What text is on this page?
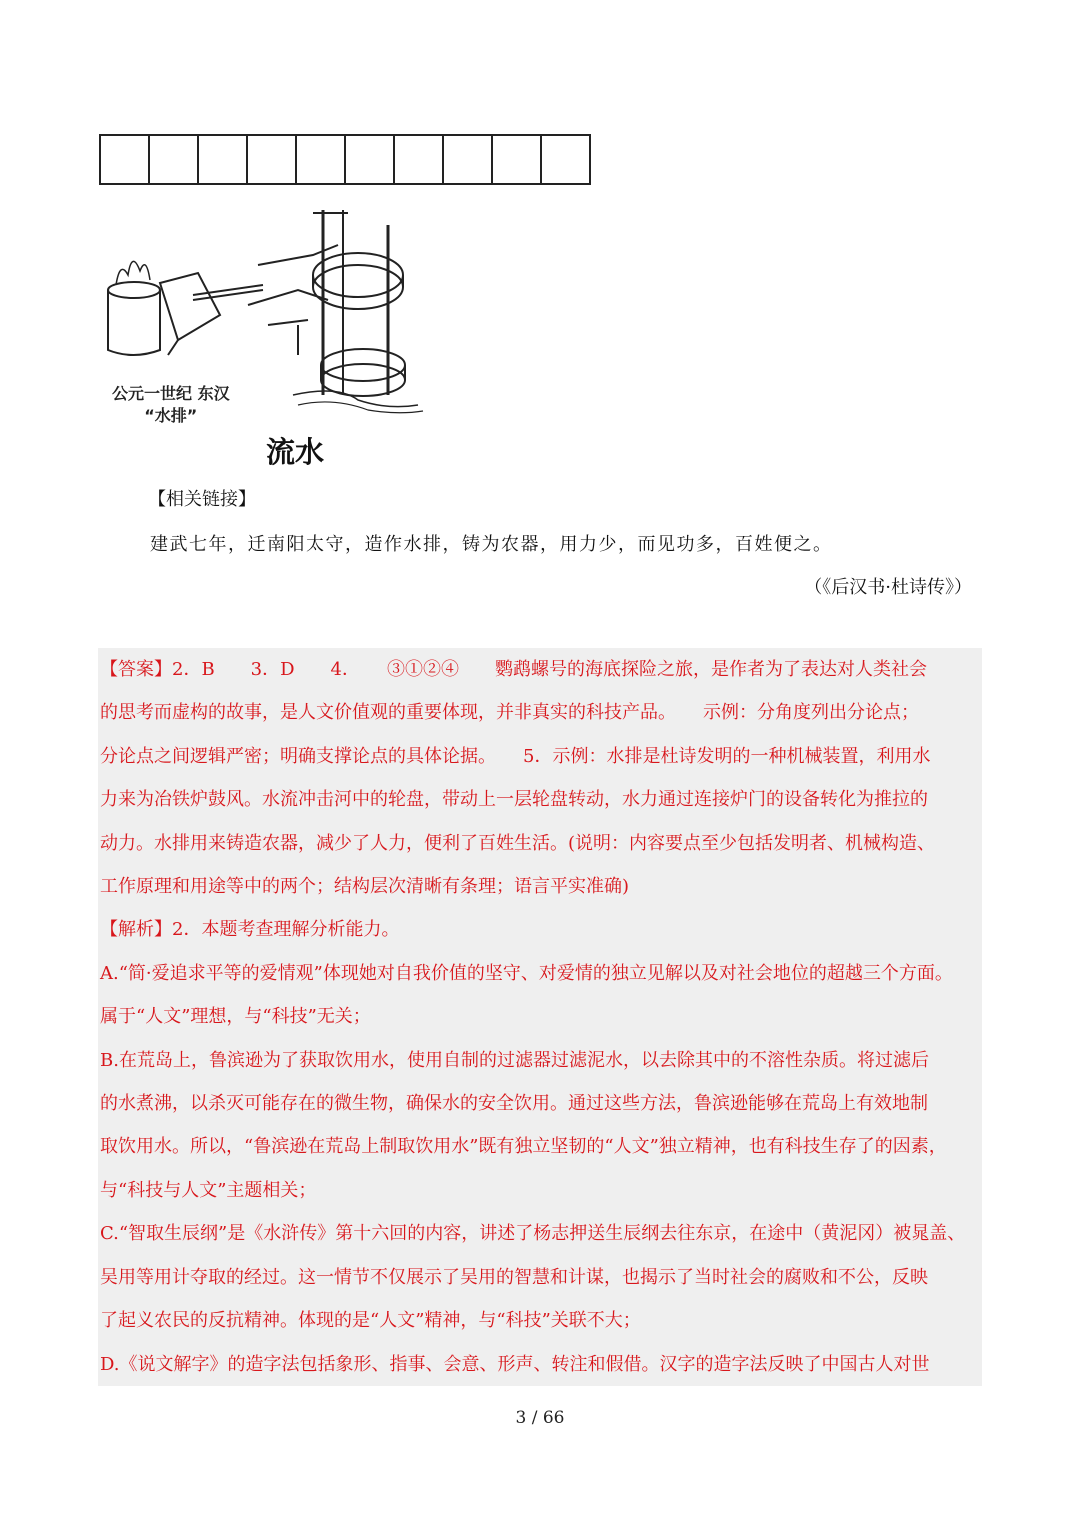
公元一世纪 东汉
“水排”
流水
【相关链接】
建武七年，迁南阳太守，造作水排，铸为农器，用力少，而见功多，百姓便之。
（《后汉书·杜诗传》）

【答案】2．B　　3．D　　4．　　③①②④　　鹦鹉螺号的海底探险之旅，是作者为了表达对人类社会

的思考而虚构的故事，是人文价值观的重要体现，并非真实的科技产品。　　示例：分角度列出分论点；

分论点之间逻辑严密；明确支撑论点的具体论据。　　5．示例：水排是杜诗发明的一种机械装置，利用水

力来为冶铁炉鼓风。水流冲击河中的轮盘，带动上一层轮盘转动，水力通过连接炉门的设备转化为推拉的

动力。水排用来铸造农器，减少了人力，便利了百姓生活。(说明：内容要点至少包括发明者、机械构造、

工作原理和用途等中的两个；结构层次清晰有条理；语言平实准确)

【解析】2．本题考查理解分析能力。

A.“简·爱追求平等的爱情观”体现她对自我价值的坚守、对爱情的独立见解以及对社会地位的超越三个方面。

属于“人文”理想，与“科技”无关；

B.在荒岛上，鲁滨逊为了获取饮用水，使用自制的过滤器过滤泥水，以去除其中的不溶性杂质。将过滤后

的水煮沸，以杀灭可能存在的微生物，确保水的安全饮用。通过这些方法，鲁滨逊能够在荒岛上有效地制

取饮用水。所以，“鲁滨逊在荒岛上制取饮用水”既有独立坚韧的“人文”独立精神，也有科技生存了的因素，

与“科技与人文”主题相关；

C.“智取生辰纲”是《水浒传》第十六回的内容，讲述了杨志押送生辰纲去往东京，在途中（黄泥冈）被晁盖、

吴用等用计夺取的经过。这一情节不仅展示了吴用的智慧和计谋，也揭示了当时社会的腐败和不公，反映

了起义农民的反抗精神。体现的是“人文”精神，与“科技”关联不大；

D.《说文解字》的造字法包括象形、指事、会意、形声、转注和假借。汉字的造字法反映了中国古人对世

3 / 66
